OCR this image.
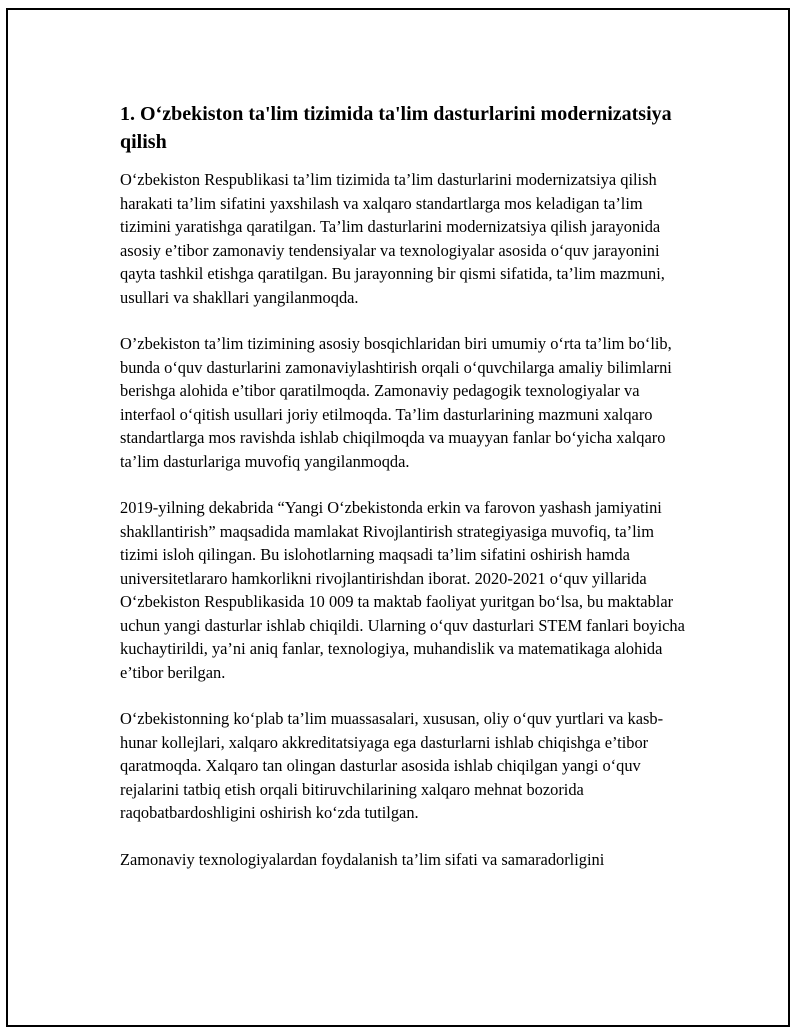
1. O‘zbekiston ta'lim tizimida ta'lim dasturlarini modernizatsiya qilish

O‘zbekiston Respublikasi ta’lim tizimida ta’lim dasturlarini modernizatsiya qilish harakati ta’lim sifatini yaxshilash va xalqaro standartlarga mos keladigan ta’lim tizimini yaratishga qaratilgan. Ta’lim dasturlarini modernizatsiya qilish jarayonida asosiy e’tibor zamonaviy tendensiyalar va texnologiyalar asosida o‘quv jarayonini qayta tashkil etishga qaratilgan. Bu jarayonning bir qismi sifatida, ta’lim mazmuni, usullari va shakllari yangilanmoqda.

O’zbekiston ta’lim tizimining asosiy bosqichlaridan biri umumiy o‘rta ta’lim bo‘lib, bunda o‘quv dasturlarini zamonaviylashtirish orqali o‘quvchilarga amaliy bilimlarni berishga alohida e’tibor qaratilmoqda. Zamonaviy pedagogik texnologiyalar va interfaol o‘qitish usullari joriy etilmoqda. Ta’lim dasturlarining mazmuni xalqaro standartlarga mos ravishda ishlab chiqilmoqda va muayyan fanlar bo‘yicha xalqaro ta’lim dasturlariga muvofiq yangilanmoqda.

2019-yilning dekabrida “Yangi O‘zbekistonda erkin va farovon yashash jamiyatini shakllantirish” maqsadida mamlakat Rivojlantirish strategiyasiga muvofiq, ta’lim tizimi isloh qilingan. Bu islohotlarning maqsadi ta’lim sifatini oshirish hamda universitetlararo hamkorlikni rivojlantirishdan iborat. 2020-2021 o‘quv yillarida O‘zbekiston Respublikasida 10 009 ta maktab faoliyat yuritgan bo‘lsa, bu maktablar uchun yangi dasturlar ishlab chiqildi. Ularning o‘quv dasturlari STEM fanlari boyicha kuchaytirildi, ya’ni aniq fanlar, texnologiya, muhandislik va matematikaga alohida e’tibor berilgan.

O‘zbekistonning ko‘plab ta’lim muassasalari, xususan, oliy o‘quv yurtlari va kasb-hunar kollejlari, xalqaro akkreditatsiyaga ega dasturlarni ishlab chiqishga e’tibor qaratmoqda. Xalqaro tan olingan dasturlar asosida ishlab chiqilgan yangi o‘quv rejalarini tatbiq etish orqali bitiruvchilarining xalqaro mehnat bozorida raqobatbardoshligini oshirish ko‘zda tutilgan.

Zamonaviy texnologiyalardan foydalanish ta’lim sifati va samaradorligini
